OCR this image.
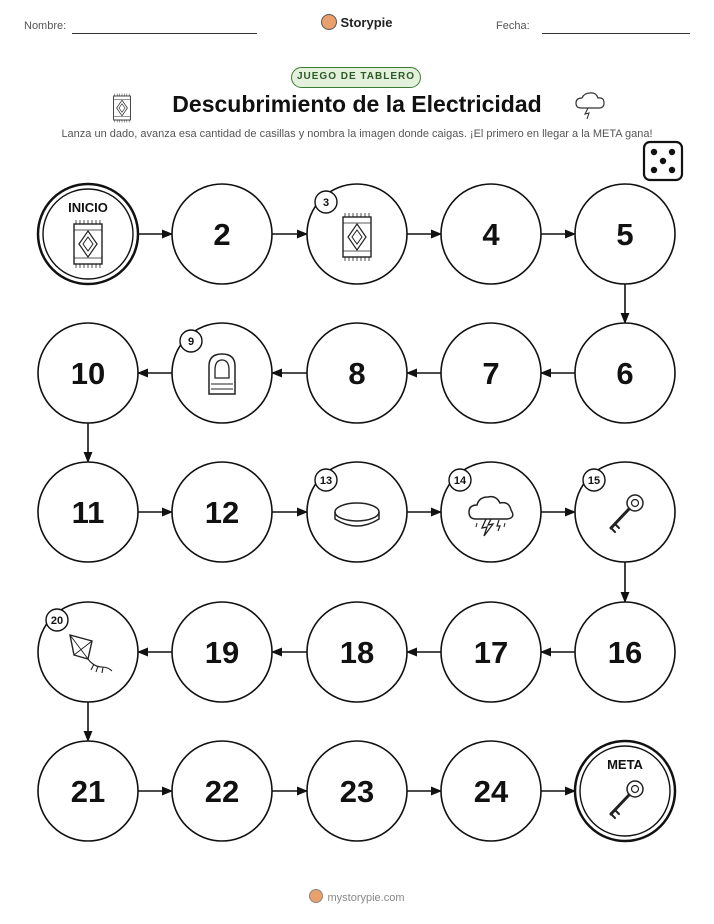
Nombre:	Storypie	Fecha:
JUEGO DE TABLERO
Descubrimiento de la Electricidad
Lanza un dado, avanza esa cantidad de casillas y nombra la imagen donde caigas. ¡El primero en llegar a la META gana!
INICIO
2
3
4	5
6
7
8
9
10
11	12
13	14	15
16
17
18
19
20
21	22	23	24
META
mystorypie.com
